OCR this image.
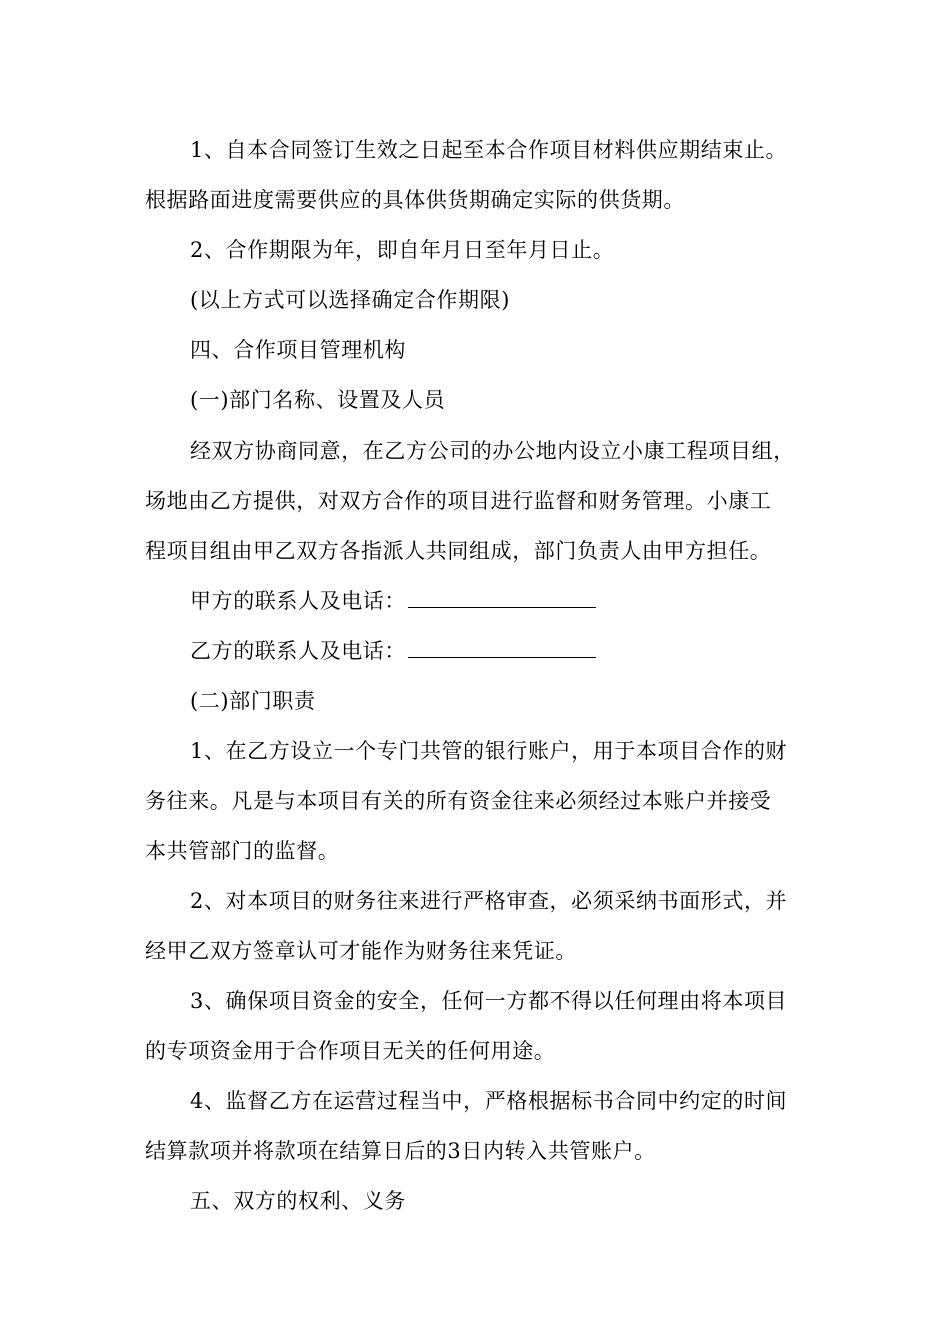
1、自本合同签订生效之日起至本合作项目材料供应期结束止。
根据路面进度需要供应的具体供货期确定实际的供货期。
2、合作期限为年，即自年月日至年月日止。
(以上方式可以选择确定合作期限)
四、合作项目管理机构
(一)部门名称、设置及人员
经双方协商同意，在乙方公司的办公地内设立小康工程项目组，
场地由乙方提供，对双方合作的项目进行监督和财务管理。小康工
程项目组由甲乙双方各指派人共同组成，部门负责人由甲方担任。
甲方的联系人及电话：
乙方的联系人及电话：
(二)部门职责
1、在乙方设立一个专门共管的银行账户，用于本项目合作的财
务往来。凡是与本项目有关的所有资金往来必须经过本账户并接受
本共管部门的监督。
2、对本项目的财务往来进行严格审查，必须采纳书面形式，并
经甲乙双方签章认可才能作为财务往来凭证。
3、确保项目资金的安全，任何一方都不得以任何理由将本项目
的专项资金用于合作项目无关的任何用途。
4、监督乙方在运营过程当中，严格根据标书合同中约定的时间
结算款项并将款项在结算日后的3日内转入共管账户。
五、双方的权利、义务
